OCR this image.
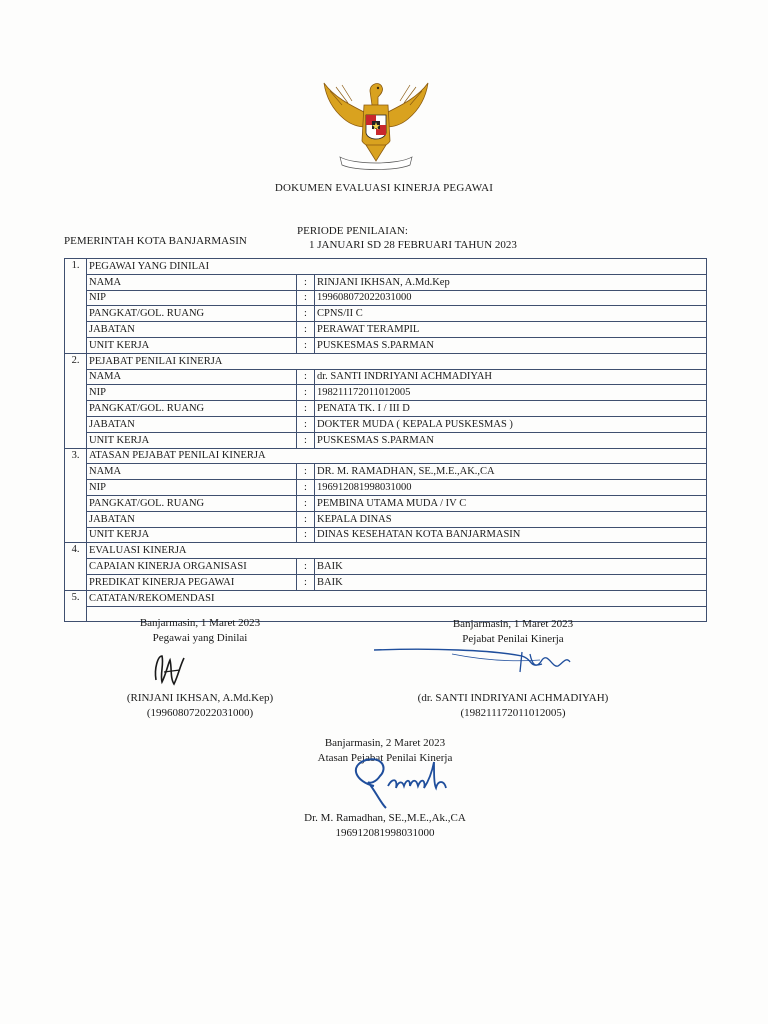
DOKUMEN EVALUASI KINERJA PEGAWAI
PEMERINTAH KOTA BANJARMASIN
PERIODE PENILAIAN:
1 JANUARI SD 28 FEBRUARI TAHUN 2023
1.	PEGAWAI YANG DINILAI		
	NAMA	:	RINJANI IKHSAN, A.Md.Kep
	NIP	:	199608072022031000
	PANGKAT/GOL. RUANG	:	CPNS/II C
	JABATAN	:	PERAWAT TERAMPIL
	UNIT KERJA	:	PUSKESMAS S.PARMAN
2.	PEJABAT PENILAI KINERJA		
	NAMA	:	dr. SANTI INDRIYANI ACHMADIYAH
	NIP	:	198211172011012005
	PANGKAT/GOL. RUANG	:	PENATA TK. I / III D
	JABATAN	:	DOKTER MUDA ( KEPALA PUSKESMAS )
	UNIT KERJA	:	PUSKESMAS S.PARMAN
3.	ATASAN PEJABAT PENILAI KINERJA		
	NAMA	:	DR. M. RAMADHAN, SE.,M.E.,AK.,CA
	NIP	:	196912081998031000
	PANGKAT/GOL. RUANG	:	PEMBINA UTAMA MUDA / IV C
	JABATAN	:	KEPALA DINAS
	UNIT KERJA	:	DINAS KESEHATAN KOTA BANJARMASIN
4.	EVALUASI KINERJA		
	CAPAIAN KINERJA ORGANISASI	:	BAIK
	PREDIKAT KINERJA PEGAWAI	:	BAIK
5.	CATATAN/REKOMENDASI		

Banjarmasin, 1 Maret 2023
Pegawai yang Dinilai
(RINJANI IKHSAN, A.Md.Kep)
(199608072022031000)
Banjarmasin, 1 Maret 2023
Pejabat Penilai Kinerja
(dr. SANTI INDRIYANI ACHMADIYAH)
(198211172011012005)
Banjarmasin, 2 Maret 2023
Atasan Pejabat Penilai Kinerja
Dr. M. Ramadhan, SE.,M.E.,Ak.,CA
196912081998031000
